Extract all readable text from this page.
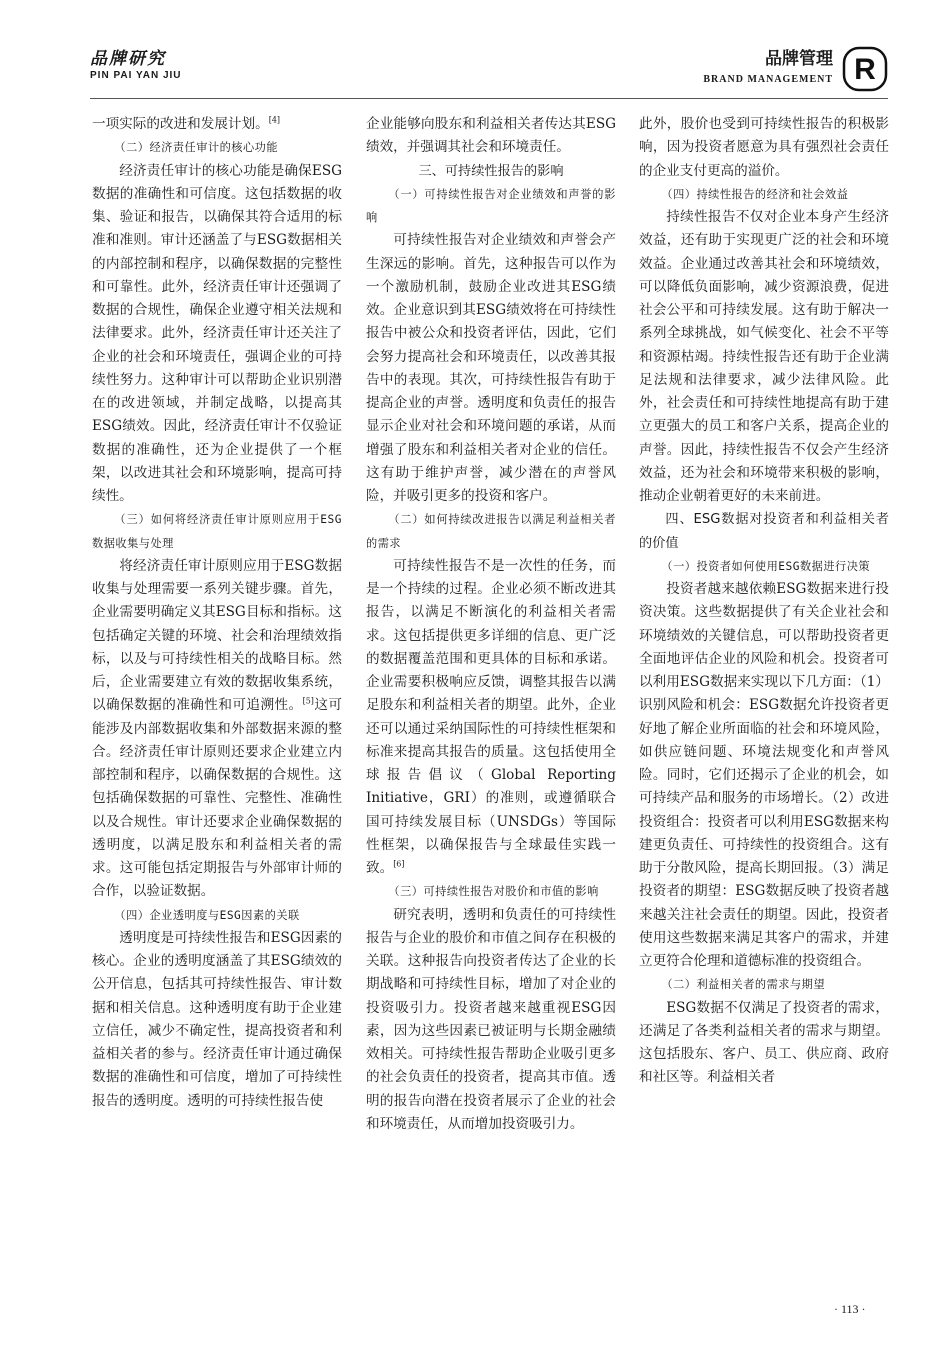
品牌研究
PIN PAI YAN JIU
品牌管理
BRAND MANAGEMENT R

一项实际的改进和发展计划。[4]

（二）经济责任审计的核心功能

经济责任审计的核心功能是确保ESG数据的准确性和可信度。这包括数据的收集、验证和报告，以确保其符合适用的标准和准则。审计还涵盖了与ESG数据相关的内部控制和程序，以确保数据的完整性和可靠性。此外，经济责任审计还强调了数据的合规性，确保企业遵守相关法规和法律要求。此外，经济责任审计还关注了企业的社会和环境责任，强调企业的可持续性努力。这种审计可以帮助企业识别潜在的改进领域，并制定战略，以提高其ESG绩效。因此，经济责任审计不仅验证数据的准确性，还为企业提供了一个框架，以改进其社会和环境影响，提高可持续性。

（三）如何将经济责任审计原则应用于ESG数据收集与处理

将经济责任审计原则应用于ESG数据收集与处理需要一系列关键步骤。首先，企业需要明确定义其ESG目标和指标。这包括确定关键的环境、社会和治理绩效指标，以及与可持续性相关的战略目标。然后，企业需要建立有效的数据收集系统，以确保数据的准确性和可追溯性。[5]这可能涉及内部数据收集和外部数据来源的整合。经济责任审计原则还要求企业建立内部控制和程序，以确保数据的合规性。这包括确保数据的可靠性、完整性、准确性以及合规性。审计还要求企业确保数据的透明度，以满足股东和利益相关者的需求。这可能包括定期报告与外部审计师的合作，以验证数据。

（四）企业透明度与ESG因素的关联

透明度是可持续性报告和ESG因素的核心。企业的透明度涵盖了其ESG绩效的公开信息，包括其可持续性报告、审计数据和相关信息。这种透明度有助于企业建立信任，减少不确定性，提高投资者和利益相关者的参与。经济责任审计通过确保数据的准确性和可信度，增加了可持续性报告的透明度。透明的可持续性报告使

企业能够向股东和利益相关者传达其ESG绩效，并强调其社会和环境责任。

三、可持续性报告的影响

（一）可持续性报告对企业绩效和声誉的影响

可持续性报告对企业绩效和声誉会产生深远的影响。首先，这种报告可以作为一个激励机制，鼓励企业改进其ESG绩效。企业意识到其ESG绩效将在可持续性报告中被公众和投资者评估，因此，它们会努力提高社会和环境责任，以改善其报告中的表现。其次，可持续性报告有助于提高企业的声誉。透明度和负责任的报告显示企业对社会和环境问题的承诺，从而增强了股东和利益相关者对企业的信任。这有助于维护声誉，减少潜在的声誉风险，并吸引更多的投资和客户。

（二）如何持续改进报告以满足利益相关者的需求

可持续性报告不是一次性的任务，而是一个持续的过程。企业必须不断改进其报告，以满足不断演化的利益相关者需求。这包括提供更多详细的信息、更广泛的数据覆盖范围和更具体的目标和承诺。企业需要积极响应反馈，调整其报告以满足股东和利益相关者的期望。此外，企业还可以通过采纳国际性的可持续性框架和标准来提高其报告的质量。这包括使用全球报告倡议（Global Reporting Initiative，GRI）的准则，或遵循联合国可持续发展目标（UNSDGs）等国际性框架，以确保报告与全球最佳实践一致。[6]

（三）可持续性报告对股价和市值的影响

研究表明，透明和负责任的可持续性报告与企业的股价和市值之间存在积极的关联。这种报告向投资者传达了企业的长期战略和可持续性目标，增加了对企业的投资吸引力。投资者越来越重视ESG因素，因为这些因素已被证明与长期金融绩效相关。可持续性报告帮助企业吸引更多的社会负责任的投资者，提高其市值。透明的报告向潜在投资者展示了企业的社会和环境责任，从而增加投资吸引力。

此外，股价也受到可持续性报告的积极影响，因为投资者愿意为具有强烈社会责任的企业支付更高的溢价。

（四）持续性报告的经济和社会效益

持续性报告不仅对企业本身产生经济效益，还有助于实现更广泛的社会和环境效益。企业通过改善其社会和环境绩效，可以降低负面影响，减少资源浪费，促进社会公平和可持续发展。这有助于解决一系列全球挑战，如气候变化、社会不平等和资源枯竭。持续性报告还有助于企业满足法规和法律要求，减少法律风险。此外，社会责任和可持续性地提高有助于建立更强大的员工和客户关系，提高企业的声誉。因此，持续性报告不仅会产生经济效益，还为社会和环境带来积极的影响，推动企业朝着更好的未来前进。

四、ESG数据对投资者和利益相关者的价值

（一）投资者如何使用ESG数据进行决策

投资者越来越依赖ESG数据来进行投资决策。这些数据提供了有关企业社会和环境绩效的关键信息，可以帮助投资者更全面地评估企业的风险和机会。投资者可以利用ESG数据来实现以下几方面：（1）识别风险和机会：ESG数据允许投资者更好地了解企业所面临的社会和环境风险，如供应链问题、环境法规变化和声誉风险。同时，它们还揭示了企业的机会，如可持续产品和服务的市场增长。（2）改进投资组合：投资者可以利用ESG数据来构建更负责任、可持续性的投资组合。这有助于分散风险，提高长期回报。（3）满足投资者的期望：ESG数据反映了投资者越来越关注社会责任的期望。因此，投资者使用这些数据来满足其客户的需求，并建立更符合伦理和道德标准的投资组合。

（二）利益相关者的需求与期望

ESG数据不仅满足了投资者的需求，还满足了各类利益相关者的需求与期望。这包括股东、客户、员工、供应商、政府和社区等。利益相关者

· 113 ·
